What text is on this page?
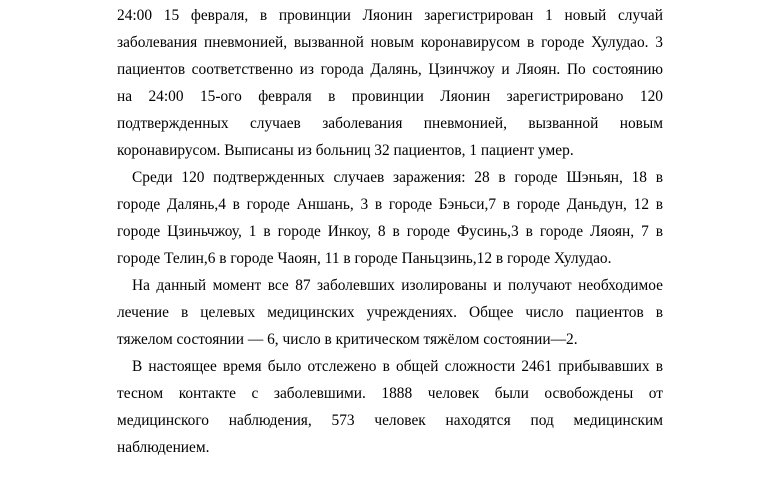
24:00 15 февраля, в провинции Ляонин зарегистрирован 1 новый случай
заболевания пневмонией, вызванной новым коронавирусом в городе Хулудао. 3
пациентов соответственно из города Далянь, Цзинчжоу и Ляоян. По состоянию
на 24:00 15-ого февраля в провинции Ляонин зарегистрировано 120
подтвержденных случаев заболевания пневмонией, вызванной новым
коронавирусом. Выписаны из больниц 32 пациентов, 1 пациент умер.
Среди 120 подтвержденных случаев заражения: 28 в городе Шэньян, 18 в
городе Далянь,4 в городе Аншань, 3 в городе Бэньси,7 в городе Даньдун, 12 в
городе Цзиньчжоу, 1 в городе Инкоу, 8 в городе Фусинь,3 в городе Ляоян, 7 в
городе Телин,6 в городе Чаоян, 11 в городе Паньцзинь,12 в городе Хулудао.
На данный момент все 87 заболевших изолированы и получают необходимое
лечение в целевых медицинских учреждениях. Общее число пациентов в
тяжелом состоянии — 6, число в критическом тяжёлом состоянии—2.
В настоящее время было отслежено в общей сложности 2461 прибывавших в
тесном контакте с заболевшими. 1888 человек были освобождены от
медицинского наблюдения, 573 человек находятся под медицинским
наблюдением.
